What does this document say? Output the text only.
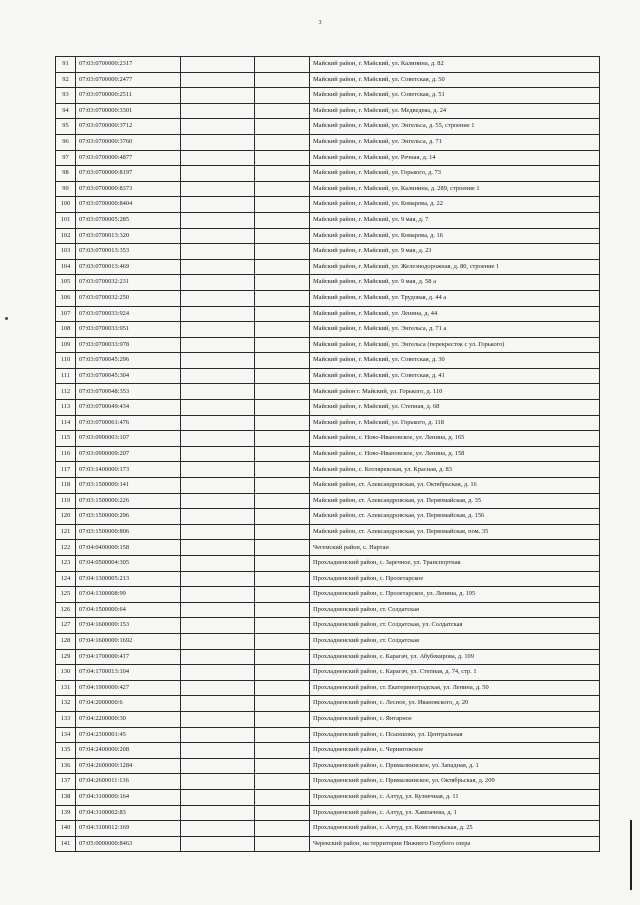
3
91	07:03:0700000:2317			Майский район, г. Майский, ул. Калинина, д. 82
92	07:03:0700000:2477			Майский район, г. Майский, ул. Советская, д. 50
93	07:03:0700000:2511			Майский район, г. Майский, ул. Советская, д. 51
94	07:03:0700000:3301			Майский район, г. Майский, ул. Медведева, д. 24
95	07:03:0700000:3712			Майский район, г. Майский, ул. Энгельса, д. 55, строение 1
96	07:03:0700000:3760			Майский район, г. Майский, ул. Энгельса, д. 71
97	07:03:0700000:4877			Майский район, г. Майский, ул. Речная, д. 14
98	07:03:0700000:8197			Майский район, г. Майский, ул. Горького, д. 73
99	07:03:0700000:8373			Майский район, г. Майский, ул. Калинина, д. 289, строение 1
100	07:03:0700000:8404			Майский район, г. Майский, ул. Комарова, д. 22
101	07:03:0700005:285			Майский район, г. Майский, ул. 9 мая, д. 7
102	07:03:0700013:320			Майский район, г. Майский, ул. Комарова, д. 16
103	07:03:0700013:353			Майский район, г. Майский, ул. 9 мая, д. 23
104	07:03:0700013:469			Майский район, г. Майский, ул. Железнодорожная, д. 80, строение 1
105	07:03:0700032:231			Майский район, г. Майский, ул. 9 мая, д. 58 а
106	07:03:0700032:250			Майский район, г. Майский, ул. Трудовая, д. 44 а
107	07:03:0700033:924			Майский район, г. Майский, ул. Ленина, д. 44
108	07:03:0700033:951			Майский район, г. Майский, ул. Энгельса, д. 71 а
109	07:03:0700033:978			Майский район, г. Майский, ул. Энгельса (перекресток с ул. Горького)
110	07:03:0700045:296			Майский район, г. Майский, ул. Советская, д. 30
111	07:03:0700045:304			Майский район, г. Майский, ул. Советская, д. 41
112	07:03:0700048:353			Майский район г. Майский, ул. Горького, д. 110
113	07:03:0700049:434			Майский район, г. Майский, ул. Степная, д. 68
114	07:03:0700061:476			Майский район, г. Майский, ул. Горького, д. 118
115	07:03:0900003:107			Майский район, с. Ново-Ивановское, ул. Ленина, д. 165
116	07:03:0900009:207			Майский район, с. Ново-Ивановское, ул. Ленина, д. 158
117	07:03:1400000:173			Майский район, с. Котляревская, ул. Красная, д. 83
118	07:03:1500000:141			Майский район, ст. Александровская, ул. Октябрьская, д. 16
119	07:03:1500000:226			Майский район, ст. Александровская, ул. Первомайская, д. 35
120	07:03:1500000:296			Майский район, ст. Александровская, ул. Первомайская, д. 156
121	07:03:1500000:806			Майский район, ст. Александровская, ул. Первомайская, пом. 35
122	07:04:0400000:158			Чегемский район, с. Нартан
123	07:04:0500004:305			Прохладненский район, с. Заречное, ул. Транспортная
124	07:04:1300005:213			Прохладненский район, с. Пролетарское
125	07:04:1300008:99			Прохладненский район, с. Пролетарское, ул. Ленина, д. 195
126	07:04:1500000:64			Прохладненский район, ст. Солдатская
127	07:04:1600000:153			Прохладненский район, ст. Солдатская, ул. Солдатская
128	07:04:1600000:1692			Прохладненский район, ст. Солдатская
129	07:04:1700000:417			Прохладненский район, с. Карагач, ул. Абубекирова, д. 109
130	07:04:1700013:104			Прохладненский район, с. Карагач, ул. Степная, д. 74, стр. 1
131	07:04:1900000:427			Прохладненский район, ст. Екатериноградская, ул. Ленина, д. 50
132	07:04:2000000:6			Прохладненский район, с. Лесное, ул. Ивановского, д. 20
133	07:04:2200000:30			Прохладненский район, с. Янтарное
134	07:04:2300001:45			Прохладненский район, с. Псыншоко, ул. Центральная
135	07:04:2400000:208			Прохладненский район, с. Черниговское
136	07:04:2600000:1284			Прохладненский район, с. Прималкинское, ул. Западная, д. 1
137	07:04:2600011:136			Прохладненский район, с. Прималкинское, ул. Октябрьская, д. 209
138	07:04:3100000:164			Прохладненский район, с. Алтуд, ул. Кузнечная, д. 11
139	07:04:3100002:83			Прохладненский район, с. Алтуд, ул. Хампачева, д. 1
140	07:04:3100012:169			Прохладненский район, с. Алтуд, ул. Комсомольская, д. 25
141	07:05:0000000:8463			Черекский район, на территории Нижнего Голубого озера
